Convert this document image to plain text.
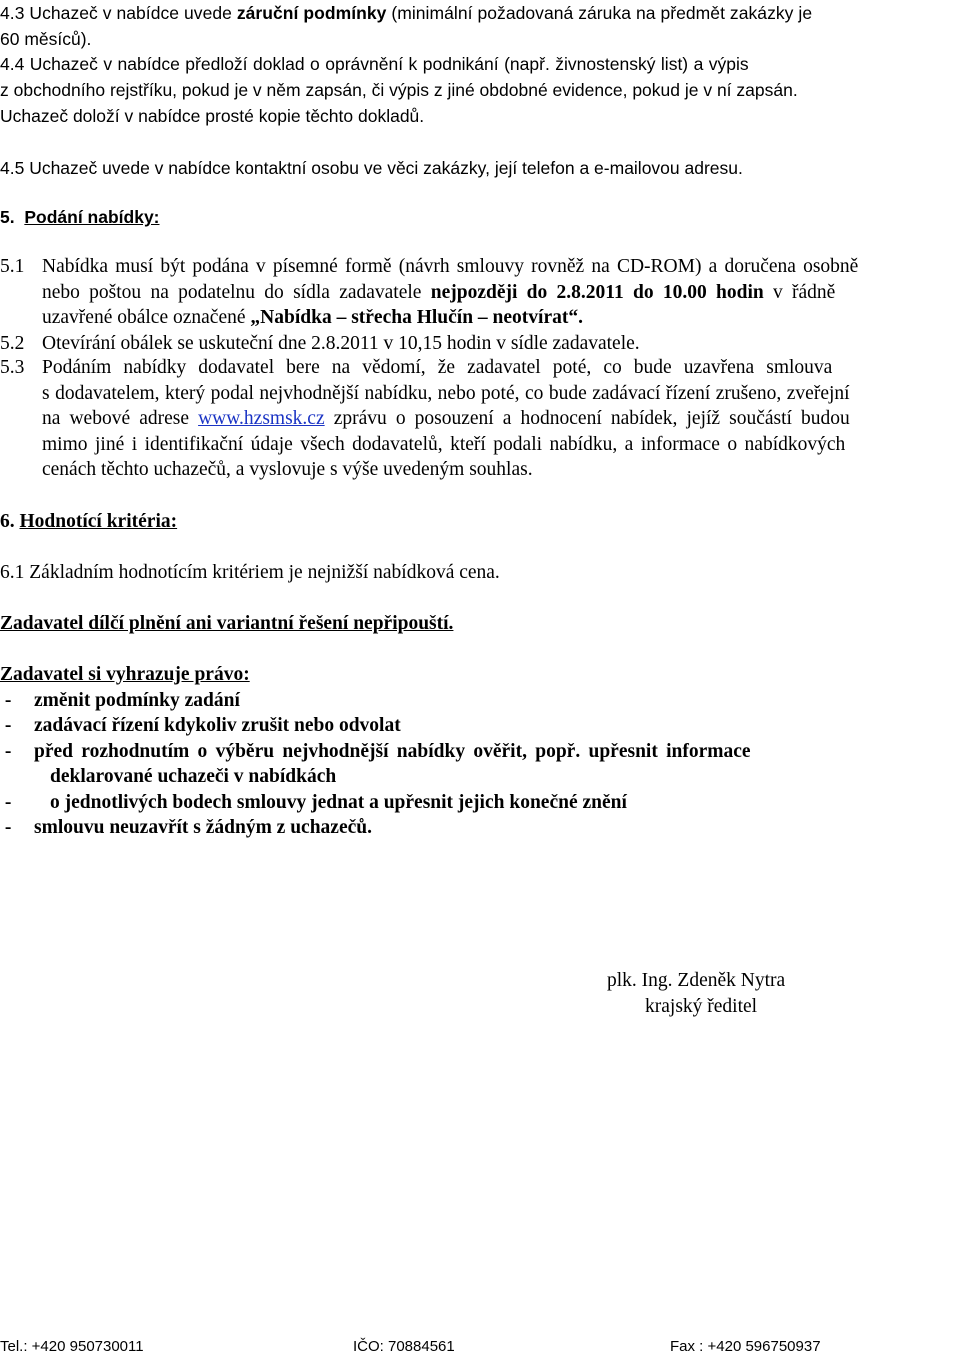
4.3 Uchazeč v nabídce uvede záruční podmínky (minimální požadovaná záruka na předmět zakázky je
60 měsíců).
4.4 Uchazeč v nabídce předloží doklad o oprávnění k podnikání (např. živnostenský list) a výpis
z obchodního rejstříku, pokud je v něm zapsán, či výpis z jiné obdobné evidence, pokud je v ní zapsán.
Uchazeč doloží v nabídce prosté kopie těchto dokladů.
4.5 Uchazeč uvede v nabídce kontaktní osobu ve věci zakázky, její telefon a e-mailovou adresu.
5. Podání nabídky:
5.1 Nabídka musí být podána v písemné formě (návrh smlouvy rovněž na CD-ROM) a doručena osobně
nebo poštou na podatelnu do sídla zadavatele nejpozději do 2.8.2011 do 10.00 hodin v řádně
uzavřené obálce označené „Nabídka – střecha Hlučín – neotvírat“.
5.2 Otevírání obálek se uskuteční dne 2.8.2011 v 10,15 hodin v sídle zadavatele.
5.3 Podáním nabídky dodavatel bere na vědomí, že zadavatel poté, co bude uzavřena smlouva
s dodavatelem, který podal nejvhodnější nabídku, nebo poté, co bude zadávací řízení zrušeno, zveřejní
na webové adrese www.hzsmsk.cz zprávu o posouzení a hodnocení nabídek, jejíž součástí budou
mimo jiné i identifikační údaje všech dodavatelů, kteří podali nabídku, a informace o nabídkových
cenách těchto uchazečů, a vyslovuje s výše uvedeným souhlas.
6. Hodnotící kritéria:
6.1 Základním hodnotícím kritériem je nejnižší nabídková cena.
Zadavatel dílčí plnění ani variantní řešení nepřipouští.
Zadavatel si vyhrazuje právo:
-	změnit podmínky zadání
-	zadávací řízení kdykoliv zrušit nebo odvolat
-	před rozhodnutím o výběru nejvhodnější nabídky ověřit, popř. upřesnit informace
deklarované uchazeči v nabídkách
-	o jednotlivých bodech smlouvy jednat a upřesnit jejich konečné znění
-	smlouvu neuzavřít s žádným z uchazečů.
plk. Ing. Zdeněk Nytra
krajský ředitel
Tel.: +420 950730011	IČO: 70884561	Fax : +420 596750937
